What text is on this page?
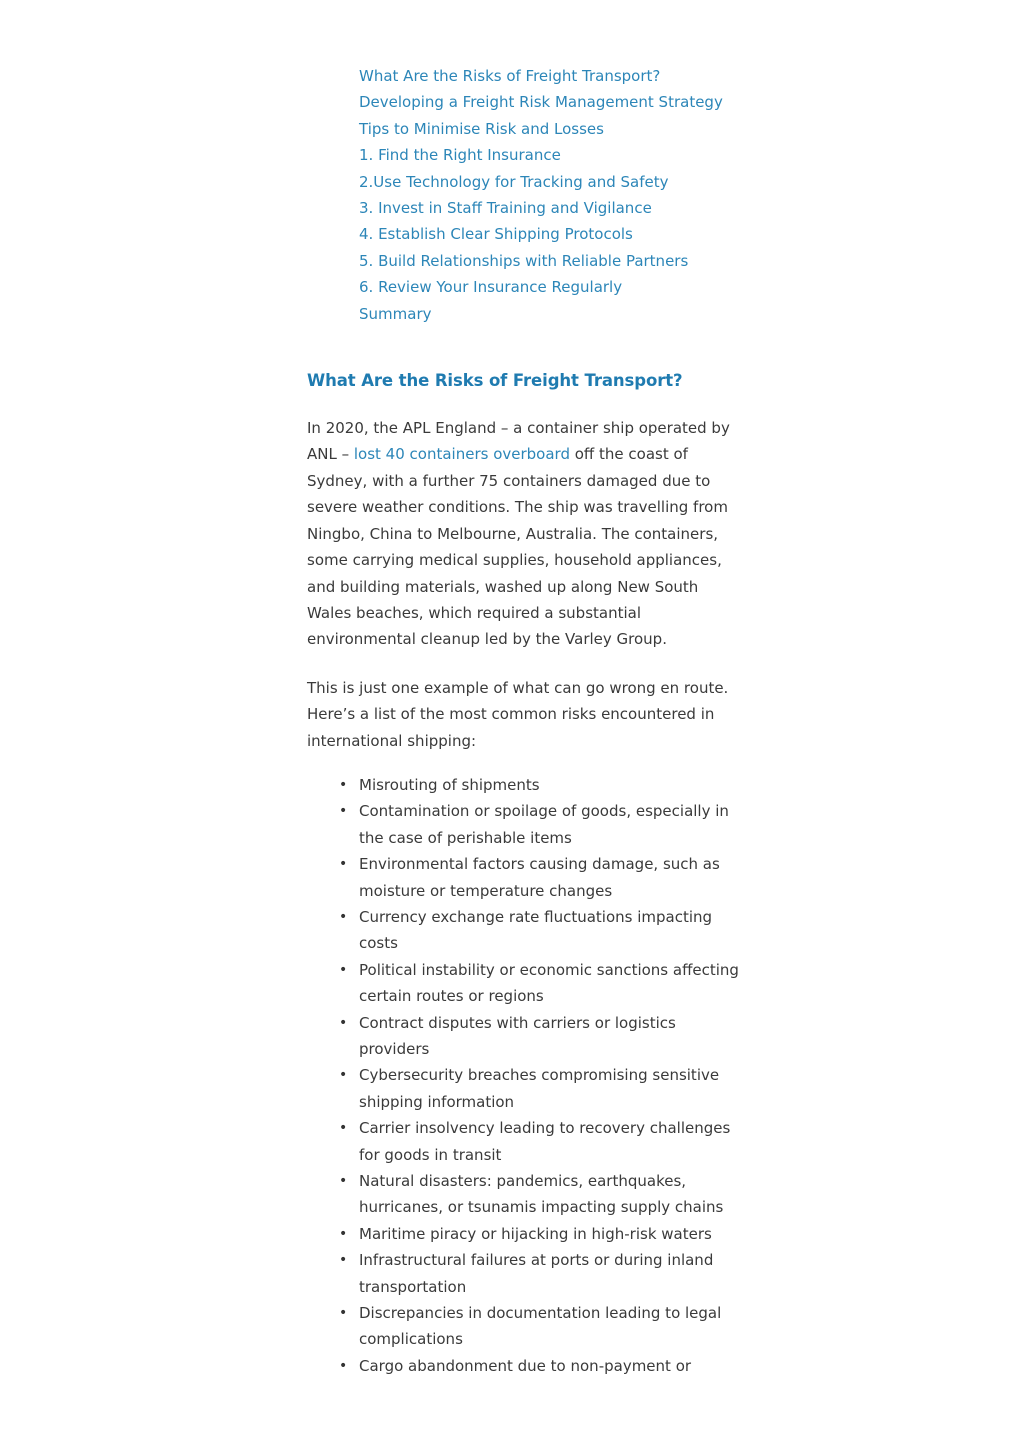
What Are the Risks of Freight Transport?
Developing a Freight Risk Management Strategy
Tips to Minimise Risk and Losses
1. Find the Right Insurance
2.Use Technology for Tracking and Safety
3. Invest in Staff Training and Vigilance
4. Establish Clear Shipping Protocols
5. Build Relationships with Reliable Partners
6. Review Your Insurance Regularly
Summary
What Are the Risks of Freight Transport?

In 2020, the APL England – a container ship operated by ANL – lost 40 containers overboard off the coast of Sydney, with a further 75 containers damaged due to severe weather conditions. The ship was travelling from Ningbo, China to Melbourne, Australia. The containers, some carrying medical supplies, household appliances, and building materials, washed up along New South Wales beaches, which required a substantial environmental cleanup led by the Varley Group.

This is just one example of what can go wrong en route. Here’s a list of the most common risks encountered in international shipping:

• Misrouting of shipments
• Contamination or spoilage of goods, especially in the case of perishable items
• Environmental factors causing damage, such as moisture or temperature changes
• Currency exchange rate fluctuations impacting costs
• Political instability or economic sanctions affecting certain routes or regions
• Contract disputes with carriers or logistics providers
• Cybersecurity breaches compromising sensitive shipping information
• Carrier insolvency leading to recovery challenges for goods in transit
• Natural disasters: pandemics, earthquakes, hurricanes, or tsunamis impacting supply chains
• Maritime piracy or hijacking in high-risk waters
• Infrastructural failures at ports or during inland transportation
• Discrepancies in documentation leading to legal complications
• Cargo abandonment due to non-payment or
